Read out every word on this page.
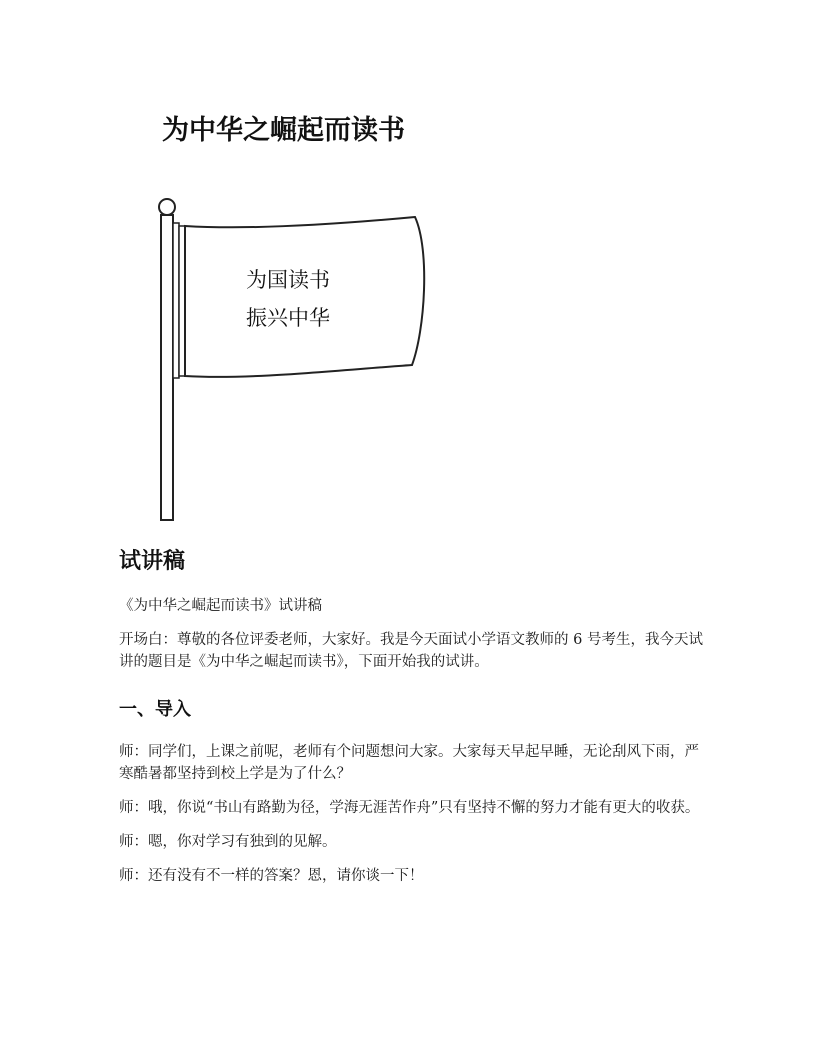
为中华之崛起而读书
为国读书
振兴中华
试讲稿

《为中华之崛起而读书》试讲稿

开场白：尊敬的各位评委老师，大家好。我是今天面试小学语文教师的 6 号考生，我今天试讲的题目是《为中华之崛起而读书》，下面开始我的试讲。

一、导入

师：同学们，上课之前呢，老师有个问题想问大家。大家每天早起早睡，无论刮风下雨，严寒酷暑都坚持到校上学是为了什么？

师：哦，你说“书山有路勤为径，学海无涯苦作舟”只有坚持不懈的努力才能有更大的收获。

师：嗯，你对学习有独到的见解。

师：还有没有不一样的答案？恩，请你谈一下！
